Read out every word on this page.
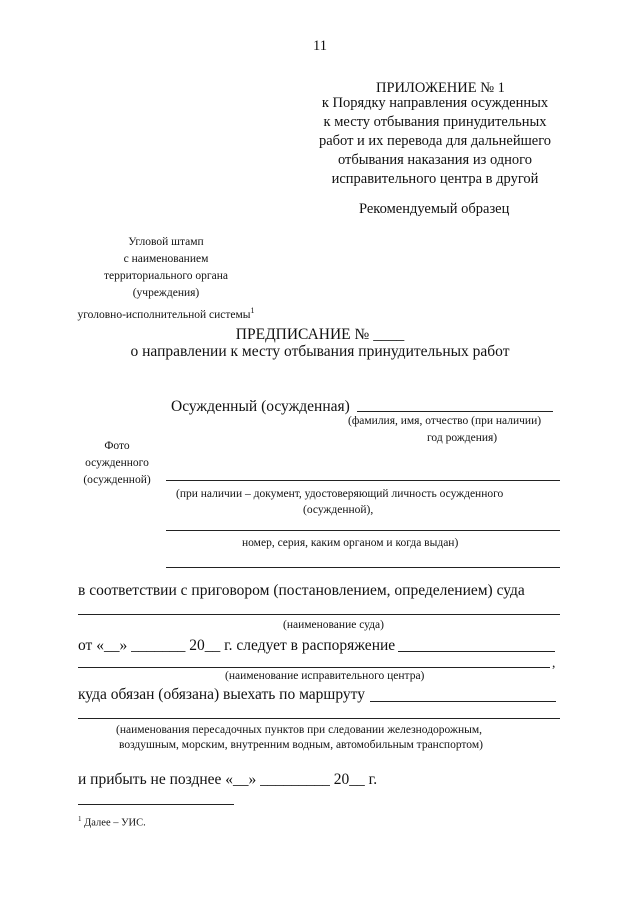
11
ПРИЛОЖЕНИЕ № 1
к Порядку направления осужденных
к месту отбывания принудительных
работ и их перевода для дальнейшего
отбывания наказания из одного
исправительного центра в другой
Рекомендуемый образец
Угловой штамп
с наименованием
территориального органа
(учреждения)
уголовно-исполнительной системы$^1$
ПРЕДПИСАНИЕ № ____
о направлении к месту отбывания принудительных работ
Осужденный (осужденная)
(фамилия, имя, отчество (при наличии)
год рождения)
Фото
осужденного
(осужденной)
(при наличии – документ, удостоверяющий личность осужденного
(осужденной),
номер, серия, каким органом и когда выдан)
в соответствии с приговором (постановлением, определением) суда
(наименование суда)
от «__» _______ 20__ г. следует в распоряжение
,
(наименование исправительного центра)
куда обязан (обязана) выехать по маршруту
(наименования пересадочных пунктов при следовании железнодорожным,
воздушным, морским, внутренним водным, автомобильным транспортом)
и прибыть не позднее «__» _________ 20__ г.
$^1$ Далее – УИС.
